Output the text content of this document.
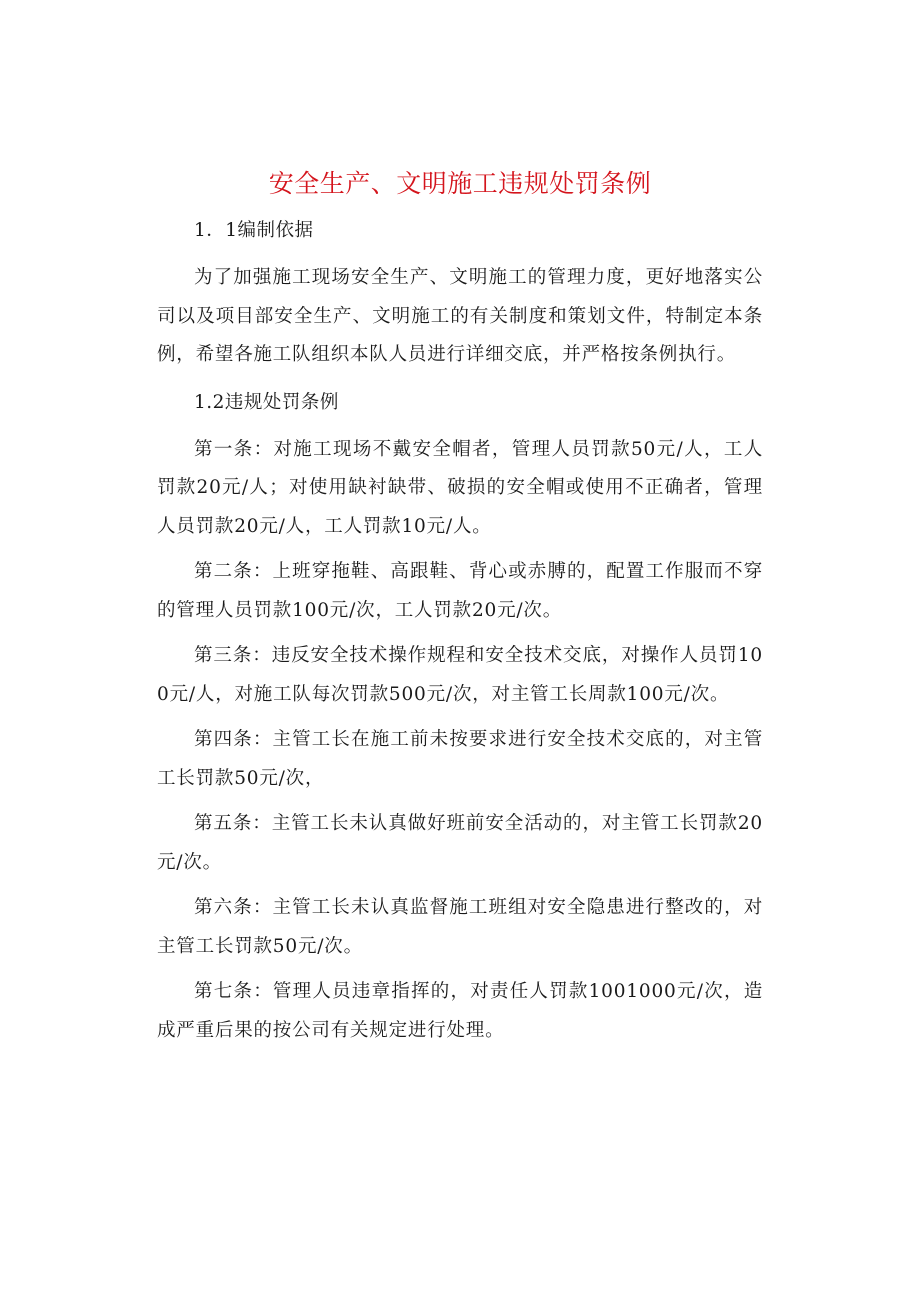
安全生产、文明施工违规处罚条例

1．1编制依据

为了加强施工现场安全生产、文明施工的管理力度，更好地落实公司以及项目部安全生产、文明施工的有关制度和策划文件，特制定本条例，希望各施工队组织本队人员进行详细交底，并严格按条例执行。

1.2违规处罚条例

第一条：对施工现场不戴安全帽者，管理人员罚款50元/人，工人罚款20元/人；对使用缺衬缺带、破损的安全帽或使用不正确者，管理人员罚款20元/人，工人罚款10元/人。

第二条：上班穿拖鞋、高跟鞋、背心或赤膊的，配置工作服而不穿的管理人员罚款100元/次，工人罚款20元/次。

第三条：违反安全技术操作规程和安全技术交底，对操作人员罚100元/人，对施工队每次罚款500元/次，对主管工长周款100元/次。

第四条：主管工长在施工前未按要求进行安全技术交底的，对主管工长罚款50元/次，

第五条：主管工长未认真做好班前安全活动的，对主管工长罚款20元/次。

第六条：主管工长未认真监督施工班组对安全隐患进行整改的，对主管工长罚款50元/次。

第七条：管理人员违章指挥的，对责任人罚款1001000元/次，造成严重后果的按公司有关规定进行处理。
